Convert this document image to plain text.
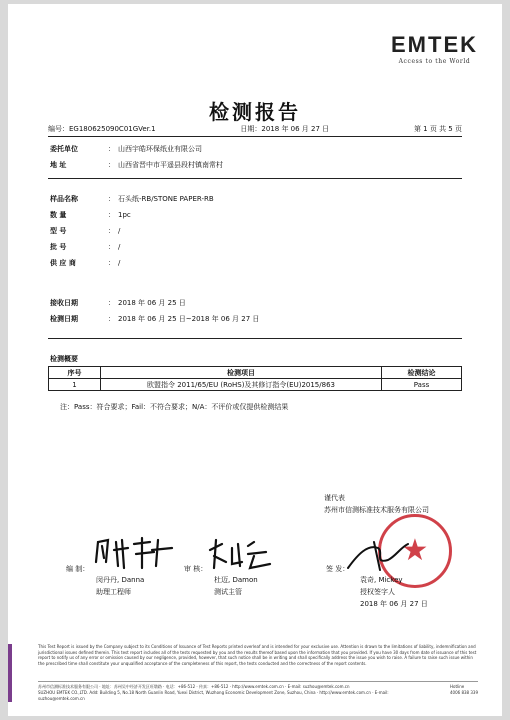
EMTEK
Access to the World
检测报告
编号：EG180625090C01GVer.1	日期：2018 年 06 月 27 日	第 1 页 共 5 页
委托单位	： 山西宇皓环保纸业有限公司
地 址	： 山西省晋中市平遥县段村镇南常村
样品名称	： 石头纸-RB/STONE PAPER-RB
数 量	： 1pc
型 号	： /
批 号	： /
供 应 商	： /
接收日期	： 2018 年 06 月 25 日
检测日期	： 2018 年 06 月 25 日~2018 年 06 月 27 日
检测概要
序号	检测项目	检测结论
1	欧盟指令 2011/65/EU (RoHS)及其修订指令(EU)2015/863	Pass
注：Pass：符合要求；Fail：不符合要求；N/A：不评价或仅提供检测结果
谨代表
苏州市信测标准技术服务有限公司
★
编 制：
闵丹丹, Danna
助理工程师
审 核：
杜迈, Damon
测试主管
签 发：
袁奇, Mickey
授权签字人
2018 年 06 月 27 日
This Test Report is issued by the Company subject to its Conditions of Issuance of Test Reports printed overleaf and is intended for your exclusive use. Attention is drawn to the limitations of liability, indemnification and jurisdictional issues defined therein. This test report includes all of the tests requested by you and the results thereof based upon the information that you provided. If you have 30 days from date of issuance of this test report to notify us of any error or omission caused by our negligence, provided, however, that such notice shall be in writing and shall specifically address the issue you wish to raise. A failure to raise such issue within the prescribed time shall constitute your unqualified acceptance of the completeness of this report, the tests conducted and the correctness of the report contents.
苏州市信测标准技术服务有限公司 · 地址：苏州吴中经济开发区旺墩路 · 电话：+86-512 · 传真：+86-512 · http://www.emtek.com.cn · E-mail: suzhou@emtek.com.cn
SUZHOU EMTEK CO.,LTD. Add: Building 5, No.18 North Guanlin Road, Yuexi District, Wuzhong Economic Development Zone, Suzhou, China · http://www.emtek.com.cn · E-mail: suzhou@emtek.com.cn
Hotline
4006 838 339
